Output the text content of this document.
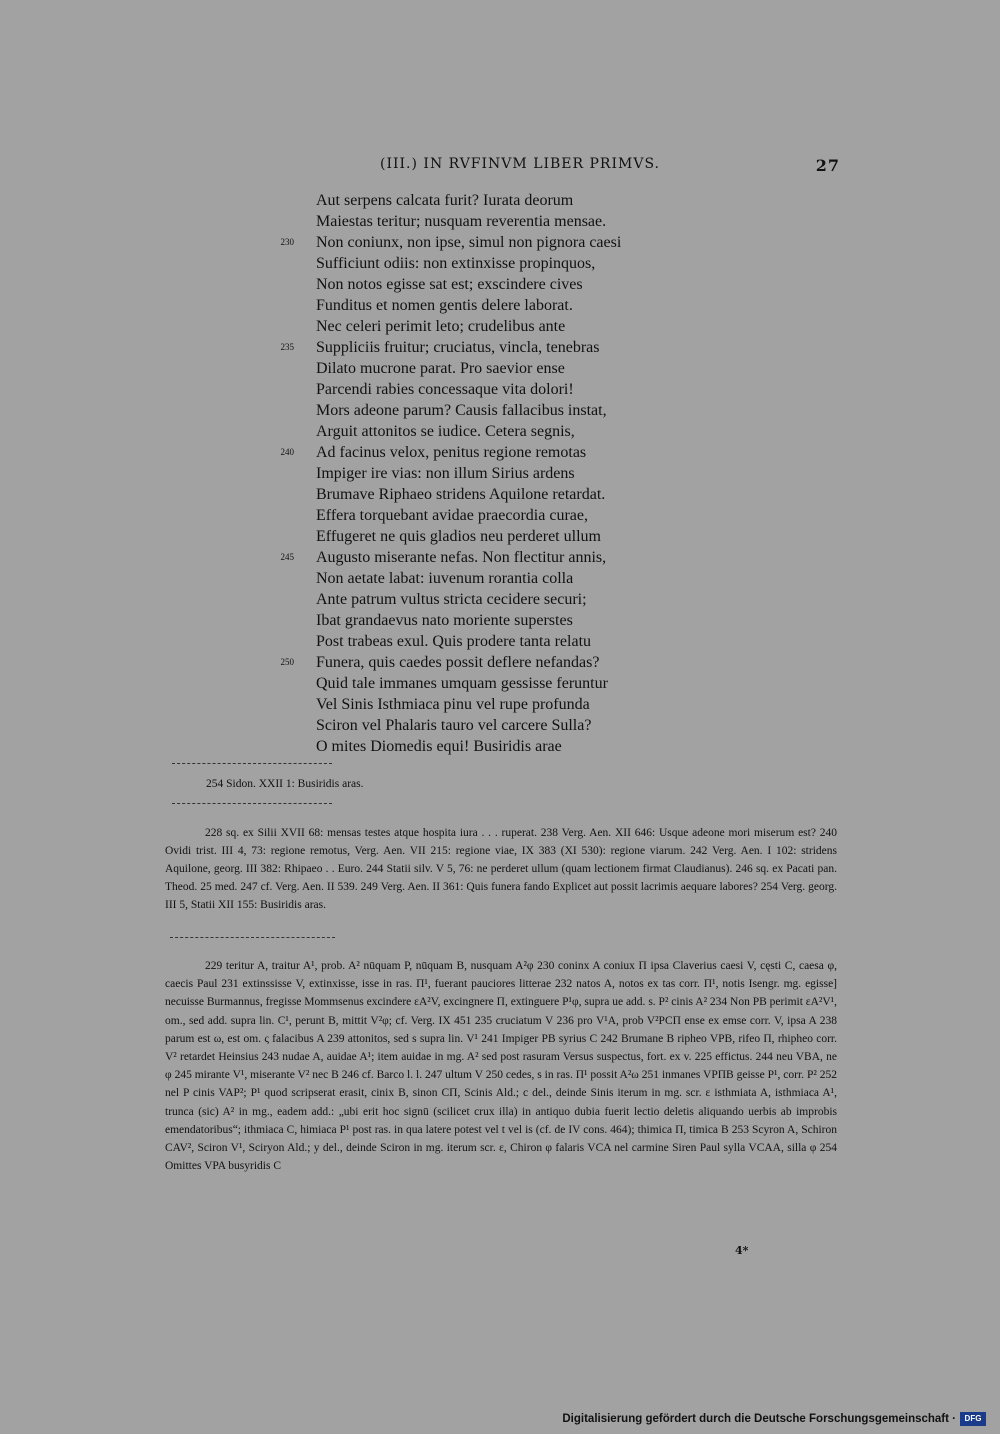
(III.) IN RVFINVM LIBER PRIMVS.	27
Aut serpens calcata furit? Iurata deorum
Maiestas teritur; nusquam reverentia mensae.
230 Non coniunx, non ipse, simul non pignora caesi
Sufficiunt odiis: non extinxisse propinquos,
Non notos egisse sat est; exscindere cives
Funditus et nomen gentis delere laborat.
Nec celeri perimit leto; crudelibus ante
235 Suppliciis fruitur; cruciatus, vincla, tenebras
Dilato mucrone parat. Pro saevior ense
Parcendi rabies concessaque vita dolori!
Mors adeone parum? Causis fallacibus instat,
Arguit attonitos se iudice. Cetera segnis,
240 Ad facinus velox, penitus regione remotas
Impiger ire vias: non illum Sirius ardens
Brumave Riphaeo stridens Aquilone retardat.
Effera torquebant avidae praecordia curae,
Effugeret ne quis gladios neu perderet ullum
245 Augusto miserante nefas. Non flectitur annis,
Non aetate labat: iuvenum rorantia colla
Ante patrum vultus stricta cecidere securi;
Ibat grandaevus nato moriente superstes
Post trabeas exul. Quis prodere tanta relatu
250 Funera, quis caedes possit deflere nefandas?
Quid tale immanes umquam gessisse feruntur
Vel Sinis Isthmiaca pinu vel rupe profunda
Sciron vel Phalaris tauro vel carcere Sulla?
O mites Diomedis equi! Busiridis arae
254 Sidon. XXII 1: Busiridis aras.
228 sq. ex Silii XVII 68: mensas testes atque hospita iura . . . ruperat. 238 Verg. Aen. XII 646: Usque adeone mori miserum est? 240 Ovidi trist. III 4, 73: regione remotus, Verg. Aen. VII 215: regione viae, IX 383 (XI 530): regione viarum. 242 Verg. Aen. I 102: stridens Aquilone, georg. III 382: Rhipaeo . . Euro. 244 Statii silv. V 5, 76: ne perderet ullum (quam lectionem firmat Claudianus). 246 sq. ex Pacati pan. Theod. 25 med. 247 cf. Verg. Aen. II 539. 249 Verg. Aen. II 361: Quis funera fando Explicet aut possit lacrimis aequare labores? 254 Verg. georg. III 5, Statii XII 155: Busiridis aras.
229 teritur A, traitur A¹, prob. A² nūquam P, nūquam B, nusquam A²φ 230 coninx A coniux Π ipsa Claverius caesi V, cęsti C, caesa φ, caecis Paul 231 extinssisse V, extinxisse, isse in ras. Π¹, fuerant pauciores litterae 232 natos A, notos ex tas corr. Π¹, notis Isengr. mg. egisse] necuisse Burmannus, fregisse Mommsenus excindere εA²V, excingnere Π, extinguere P¹φ, supra ue add. s. P² cinis A² 234 Non PB perimit εA²V¹, om., sed add. supra lin. C¹, perunt B, mittit V²φ; cf. Verg. IX 451 235 cruciatum V 236 pro V¹A, prob V²PCΠ ense ex emse corr. V, ipsa A 238 parum est ω, est om. ς falacibus A 239 attonitos, sed s supra lin. V¹ 241 Impiger PB syrius C 242 Brumane B ripheo VPB, rifeo Π, rhipheo corr. V² retardet Heinsius 243 nudae A, auidae A¹; item auidae in mg. A² sed post rasuram Versus suspectus, fort. ex v. 225 effictus. 244 neu VBA, ne φ 245 mirante V¹, miserante V² nec B 246 cf. Barco l. l. 247 ultum V 250 cedes, s in ras. Π¹ possit A²ω 251 inmanes VPΠB geisse P¹, corr. P² 252 nel P cinis VAP²; P¹ quod scripserat erasit, cinix B, sinon CΠ, Scinis Ald.; c del., deinde Sinis iterum in mg. scr. ε isthmiata A, isthmiaca A¹, trunca (sic) A² in mg., eadem add.: „ubi erit hoc signū (scilicet crux illa) in antiquo dubia fuerit lectio deletis aliquando uerbis ab improbis emendatoribus“; ithmiaca C, himiaca P¹ post ras. in qua latere potest vel t vel is (cf. de IV cons. 464); thimica Π, timica B 253 Scyron A, Schiron CAV², Sciron V¹, Sciryon Ald.; y del., deinde Sciron in mg. iterum scr. ε, Chiron φ falaris VCA nel carmine Siren Paul sylla VCAA, silla φ 254 Omittes VPA busyridis C
4*
Digitalisierung gefördert durch die Deutsche Forschungsgemeinschaft ·	DFG
